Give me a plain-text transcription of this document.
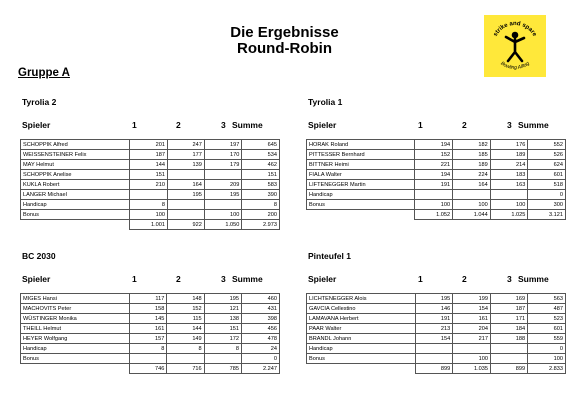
Die Ergebnisse
Round-Robin
strike and spare
Bowling Alltag
Gruppe A
Tyrolia 2
Spieler	1	2	3 Summe
SCHOPPIK Alfred	201	247	197	645
WEISSENSTEINER Felix	187	177	170	534
MAY Helmut	144	139	179	462
SCHOPPIK Anelise	151			151
KUKLA Robert	210	164	209	583
LANGER Michael		195	195	390
Handicap	8			8
Bonus	100		100	200
	1.001	922	1.050	2.973
Tyrolia 1
Spieler	1	2	3 Summe
HORAK Roland	194	182	176	552
PITTESSER Bernhard	152	185	189	526
BITTNER Heimi	221	189	214	624
FIALA Walter	194	224	183	601
LIFTENEGGER Martin	191	164	163	518
Handicap				0
Bonus	100	100	100	300
	1.052	1.044	1.025	3.121
BC 2030
Spieler	1	2	3 Summe
MIGES Hansi	117	148	195	460
MACHOVITS Peter	158	152	121	431
WÜSTINGER Monika	145	115	138	398
THEILL Helmut	161	144	151	456
HEYER Wolfgang	157	149	172	478
Handicap	8	8	8	24
Bonus				0
	746	716	785	2.247
Pinteufel 1
Spieler	1	2	3 Summe
LICHTENEGGER Alois	195	199	169	563
GAVCIA Cellestino	146	154	187	487
LAMAVANA Herbert	191	161	171	523
PAAR Walter	213	204	184	601
BRANDL Johann	154	217	188	559
Handicap				0
Bonus		100		100
	899	1.035	899	2.833
